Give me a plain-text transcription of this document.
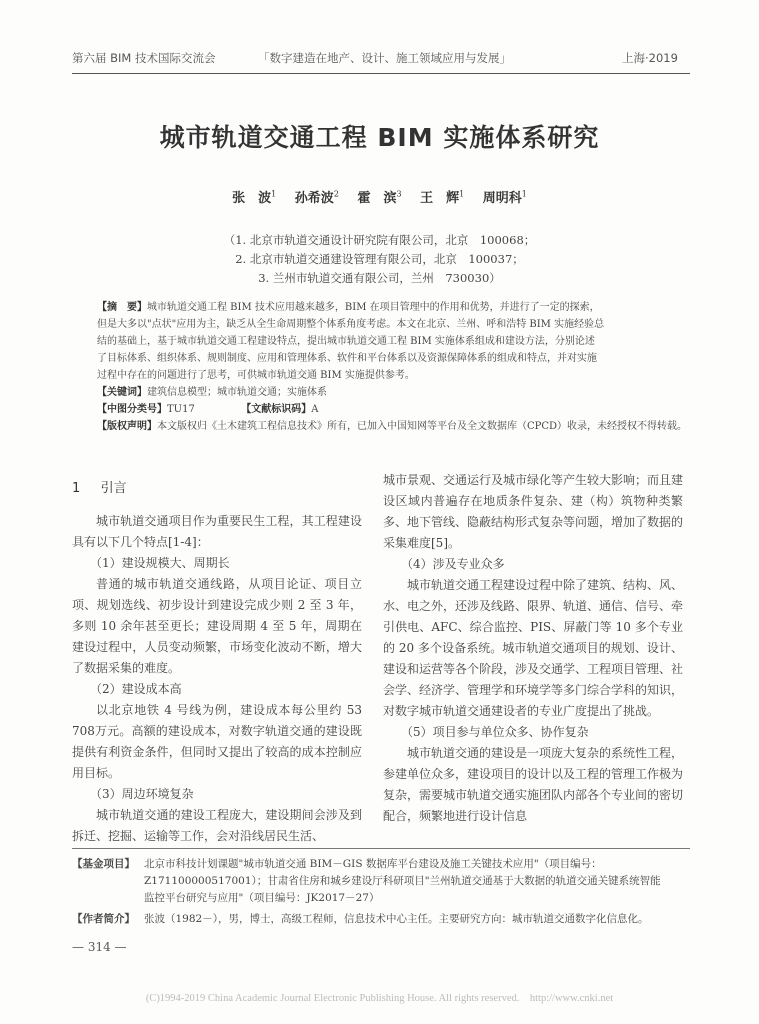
第六届 BIM 技术国际交流会	「数字建造在地产、设计、施工领域应用与发展」	上海·2019
城市轨道交通工程 BIM 实施体系研究
张　波$^1$ 孙希波$^2$ 霍　滨$^3$ 王　辉$^1$ 周明科$^1$
（1. 北京市轨道交通设计研究院有限公司，北京　100068；
2. 北京市轨道交通建设管理有限公司，北京　100037；
3. 兰州市轨道交通有限公司，兰州　730030）
【摘　要】城市轨道交通工程 BIM 技术应用越来越多，BIM 在项目管理中的作用和优势，并进行了一定的探索，
但是大多以"点状"应用为主，缺乏从全生命周期整个体系角度考虑。本文在北京、兰州、呼和浩特 BIM 实施经验总
结的基础上，基于城市轨道交通工程建设特点，提出城市轨道交通工程 BIM 实施体系组成和建设方法，分别论述
了目标体系、组织体系、规则制度、应用和管理体系、软件和平台体系以及资源保障体系的组成和特点，并对实施
过程中存在的问题进行了思考，可供城市轨道交通 BIM 实施提供参考。
【关键词】建筑信息模型；城市轨道交通；实施体系
【中图分类号】TU17	【文献标识码】A
【版权声明】本文版权归《土木建筑工程信息技术》所有，已加入中国知网等平台及全文数据库（CPCD）收录，未经授权不得转载。
1 引言

城市轨道交通项目作为重要民生工程，其工程建设具有以下几个特点[1-4]：

（1）建设规模大、周期长

普通的城市轨道交通线路，从项目论证、项目立项、规划选线、初步设计到建设完成少则 2 至 3 年，多则 10 余年甚至更长；建设周期 4 至 5 年，周期在建设过程中，人员变动频繁，市场变化波动不断，增大了数据采集的难度。

（2）建设成本高

以北京地铁 4 号线为例，建设成本每公里约 53 708万元。高额的建设成本，对数字轨道交通的建设既提供有利资金条件，但同时又提出了较高的成本控制应用目标。

（3）周边环境复杂

城市轨道交通的建设工程庞大，建设期间会涉及到拆迁、挖掘、运输等工作，会对沿线居民生活、

城市景观、交通运行及城市绿化等产生较大影响；而且建设区域内普遍存在地质条件复杂、建（构）筑物种类繁多、地下管线、隐蔽结构形式复杂等问题，增加了数据的采集难度[5]。

（4）涉及专业众多

城市轨道交通工程建设过程中除了建筑、结构、风、水、电之外，还涉及线路、限界、轨道、通信、信号、牵引供电、AFC、综合监控、PIS、屏蔽门等 10 多个专业的 20 多个设备系统。城市轨道交通项目的规划、设计、建设和运营等各个阶段，涉及交通学、工程项目管理、社会学、经济学、管理学和环境学等多门综合学科的知识，对数字城市轨道交通建设者的专业广度提出了挑战。

（5）项目参与单位众多、协作复杂

城市轨道交通的建设是一项庞大复杂的系统性工程，参建单位众多，建设项目的设计以及工程的管理工作极为复杂，需要城市轨道交通实施团队内部各个专业间的密切配合，频繁地进行设计信息

【基金项目】 北京市科技计划课题"城市轨道交通 BIM－GIS 数据库平台建设及施工关键技术应用"（项目编号：
Z171100000517001）；甘肃省住房和城乡建设厅科研项目"兰州轨道交通基于大数据的轨道交通关键系统智能
监控平台研究与应用"（项目编号：JK2017－27）
【作者简介】 张波（1982－），男，博士，高级工程师，信息技术中心主任。主要研究方向：城市轨道交通数字化信息化。
— 314 —
(C)1994-2019 China Academic Journal Electronic Publishing House. All rights reserved.　http://www.cnki.net
